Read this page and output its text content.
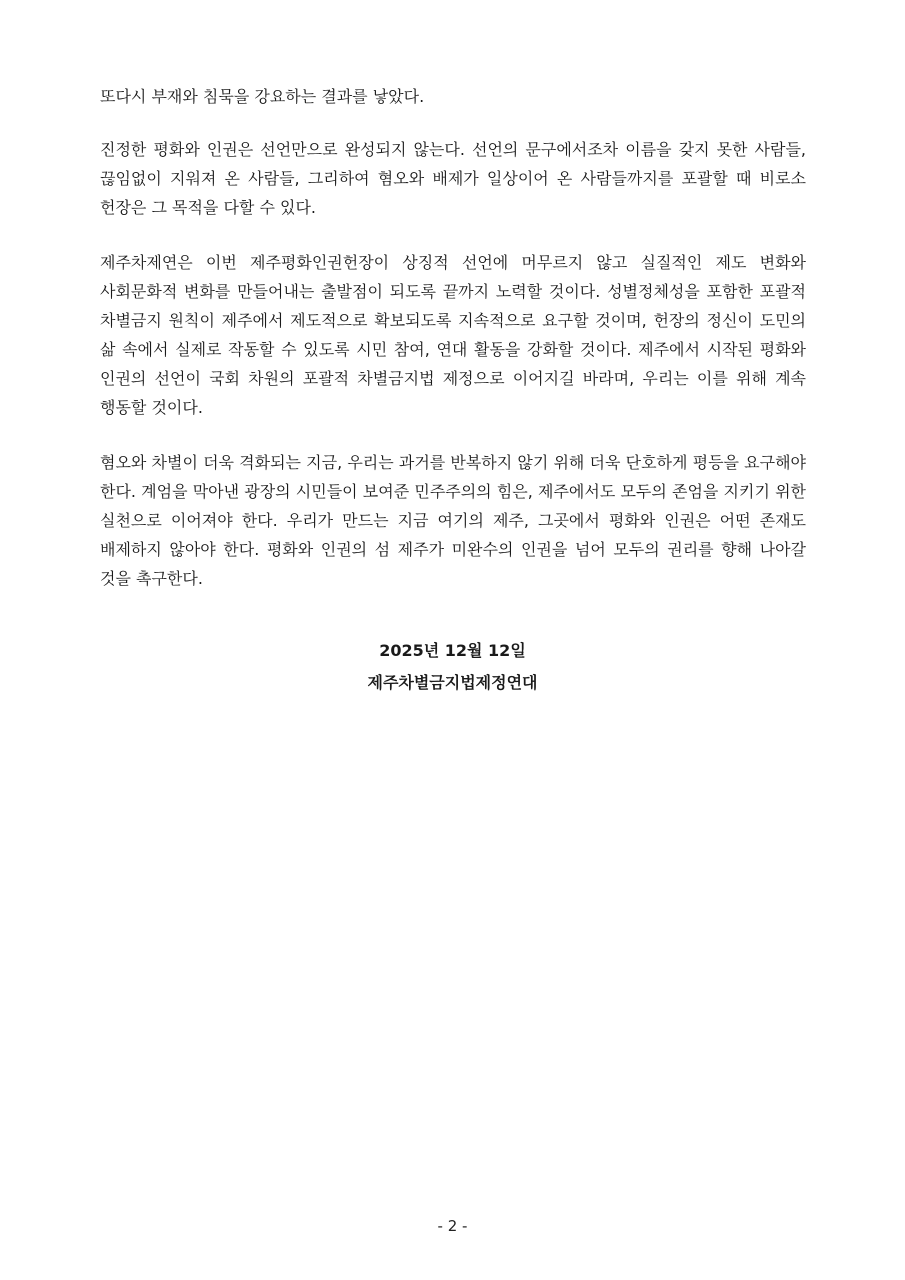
또다시 부재와 침묵을 강요하는 결과를 낳았다.

진정한 평화와 인권은 선언만으로 완성되지 않는다. 선언의 문구에서조차 이름을 갖지 못한 사람들, 끊임없이 지워져 온 사람들, 그리하여 혐오와 배제가 일상이어 온 사람들까지를 포괄할 때 비로소 헌장은 그 목적을 다할 수 있다.

제주차제연은 이번 제주평화인권헌장이 상징적 선언에 머무르지 않고 실질적인 제도 변화와 사회문화적 변화를 만들어내는 출발점이 되도록 끝까지 노력할 것이다. 성별정체성을 포함한 포괄적 차별금지 원칙이 제주에서 제도적으로 확보되도록 지속적으로 요구할 것이며, 헌장의 정신이 도민의 삶 속에서 실제로 작동할 수 있도록 시민 참여, 연대 활동을 강화할 것이다. 제주에서 시작된 평화와 인권의 선언이 국회 차원의 포괄적 차별금지법 제정으로 이어지길 바라며, 우리는 이를 위해 계속 행동할 것이다.

혐오와 차별이 더욱 격화되는 지금, 우리는 과거를 반복하지 않기 위해 더욱 단호하게 평등을 요구해야 한다. 계엄을 막아낸 광장의 시민들이 보여준 민주주의의 힘은, 제주에서도 모두의 존엄을 지키기 위한 실천으로 이어져야 한다. 우리가 만드는 지금 여기의 제주, 그곳에서 평화와 인권은 어떤 존재도 배제하지 않아야 한다. 평화와 인권의 섬 제주가 미완수의 인권을 넘어 모두의 권리를 향해 나아갈 것을 촉구한다.

2025년 12월 12일

제주차별금지법제정연대

- 2 -
